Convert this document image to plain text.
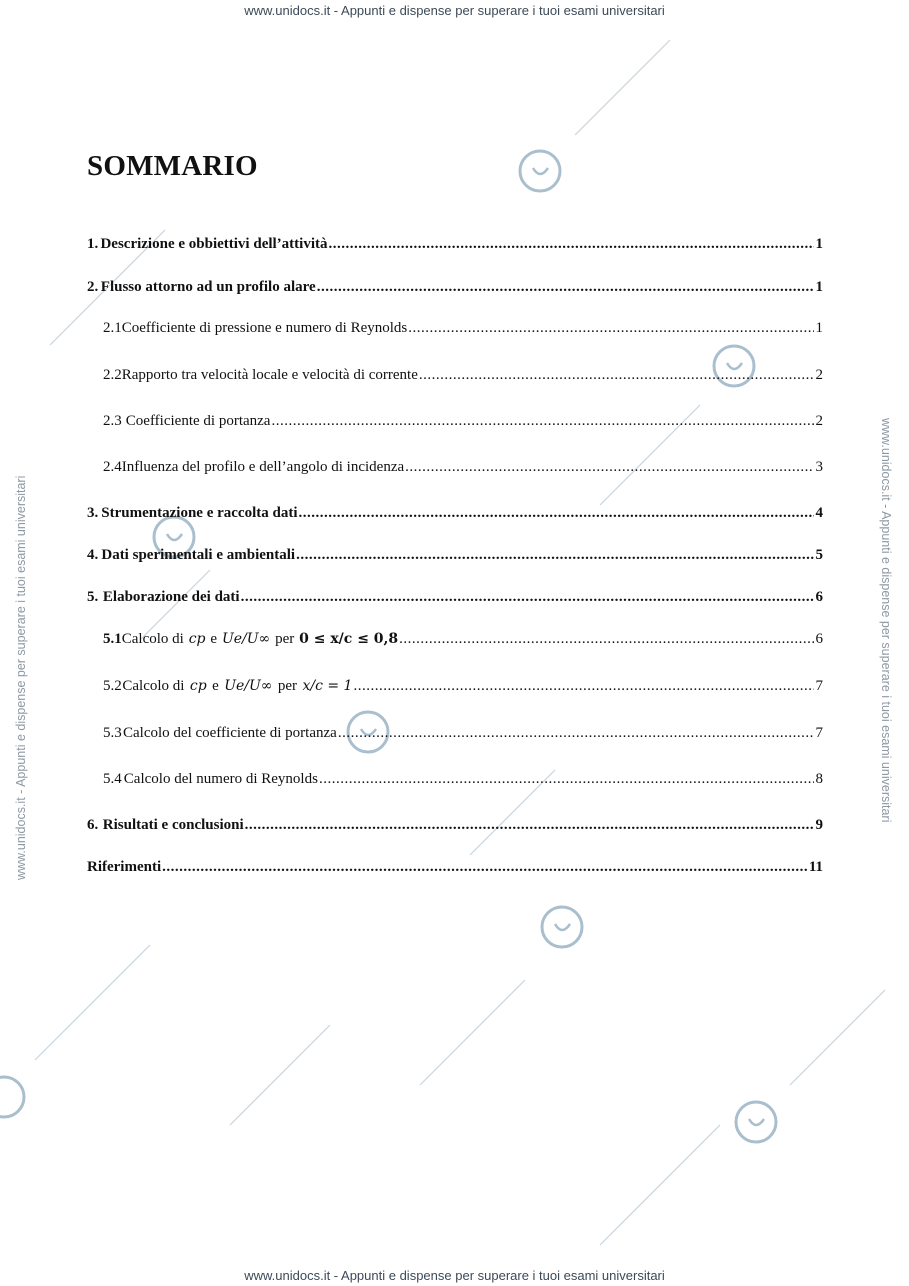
www.unidocs.it - Appunti e dispense per superare i tuoi esami universitari
www.unidocs.it - Appunti e dispense per superare i tuoi esami universitari
www.unidocs.it - Appunti e dispense per superare i tuoi esami universitari	www.unidocs.it - Appunti e dispense per superare i tuoi esami universitari
SOMMARIO
1. Descrizione e obbiettivi dell’attività .....	1
2. Flusso attorno ad un profilo alare .....	1
2.1 Coefficiente di pressione e numero di Reynolds .....	1
2.2 Rapporto tra velocità locale e velocità di corrente .....	2
2.3 Coefficiente di portanza .....	2
2.4 Influenza del profilo e dell’angolo di incidenza .....	3
3. Strumentazione e raccolta dati .....	4
4. Dati sperimentali e ambientali .....	5
5. Elaborazione dei dati .....	6
5.1 Calcolo di cp e Ue/U∞ per 0 ≤ x/c ≤ 0,8 .....	6
5.2 Calcolo di cp e Ue/U∞ per x/c = 1 .....	7
5.3 Calcolo del coefficiente di portanza .....	7
5.4 Calcolo del numero di Reynolds .....	8
6. Risultati e conclusioni .....	9
Riferimenti .....	11
